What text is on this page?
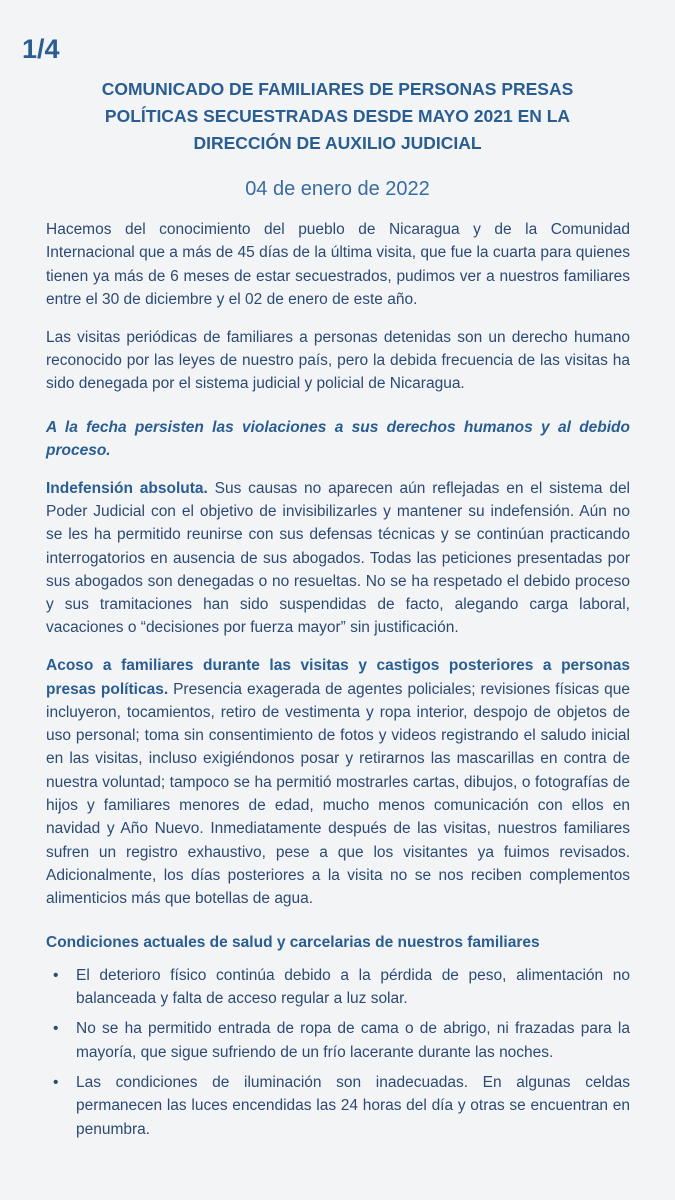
1/4
COMUNICADO DE FAMILIARES DE PERSONAS PRESAS
POLÍTICAS SECUESTRADAS DESDE MAYO 2021 EN LA
DIRECCIÓN DE AUXILIO JUDICIAL
04 de enero de 2022

Hacemos del conocimiento del pueblo de Nicaragua y de la Comunidad Internacional que a más de 45 días de la última visita, que fue la cuarta para quienes tienen ya más de 6 meses de estar secuestrados, pudimos ver a nuestros familiares entre el 30 de diciembre y el 02 de enero de este año.

Las visitas periódicas de familiares a personas detenidas son un derecho humano reconocido por las leyes de nuestro país, pero la debida frecuencia de las visitas ha sido denegada por el sistema judicial y policial de Nicaragua.

A la fecha persisten las violaciones a sus derechos humanos y al debido proceso.

Indefensión absoluta. Sus causas no aparecen aún reflejadas en el sistema del Poder Judicial con el objetivo de invisibilizarles y mantener su indefensión. Aún no se les ha permitido reunirse con sus defensas técnicas y se continúan practicando interrogatorios en ausencia de sus abogados. Todas las peticiones presentadas por sus abogados son denegadas o no resueltas. No se ha respetado el debido proceso y sus tramitaciones han sido suspendidas de facto, alegando carga laboral, vacaciones o “decisiones por fuerza mayor” sin justificación.

Acoso a familiares durante las visitas y castigos posteriores a personas presas políticas. Presencia exagerada de agentes policiales; revisiones físicas que incluyeron, tocamientos, retiro de vestimenta y ropa interior, despojo de objetos de uso personal; toma sin consentimiento de fotos y videos registrando el saludo inicial en las visitas, incluso exigiéndonos posar y retirarnos las mascarillas en contra de nuestra voluntad; tampoco se ha permitió mostrarles cartas, dibujos, o fotografías de hijos y familiares menores de edad, mucho menos comunicación con ellos en navidad y Año Nuevo. Inmediatamente después de las visitas, nuestros familiares sufren un registro exhaustivo, pese a que los visitantes ya fuimos revisados. Adicionalmente, los días posteriores a la visita no se nos reciben complementos alimenticios más que botellas de agua.

Condiciones actuales de salud y carcelarias de nuestros familiares

• El deterioro físico continúa debido a la pérdida de peso, alimentación no balanceada y falta de acceso regular a luz solar.
• No se ha permitido entrada de ropa de cama o de abrigo, ni frazadas para la mayoría, que sigue sufriendo de un frío lacerante durante las noches.
• Las condiciones de iluminación son inadecuadas. En algunas celdas permanecen las luces encendidas las 24 horas del día y otras se encuentran en penumbra.
